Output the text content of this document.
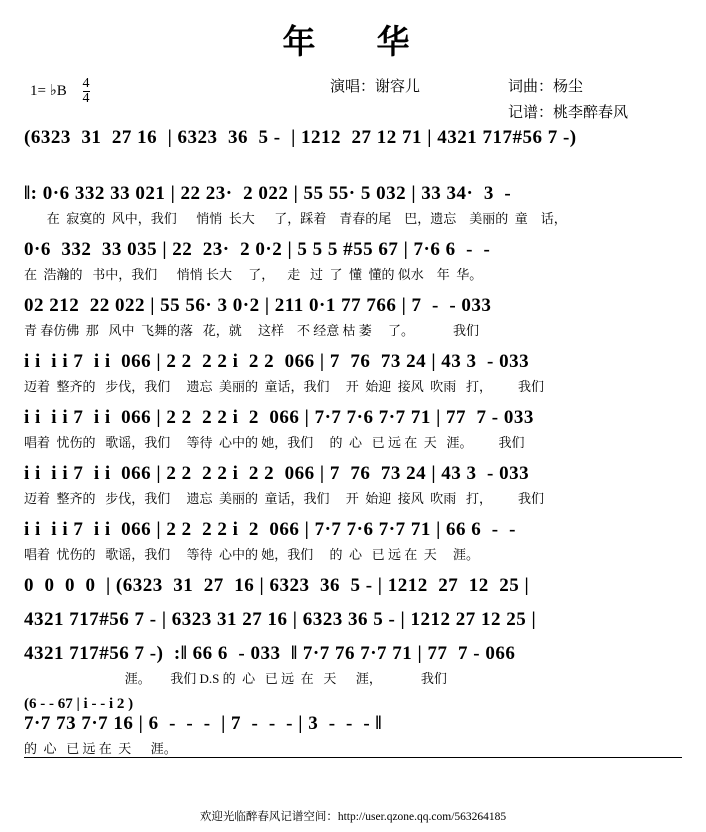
年　华
1= ♭B $\frac{4}{4}$	演唱：谢容儿	词曲：杨尘
记谱：桃李醉春风
(6323  31  27 16  | 6323  36  5 -  | 1212  27 12 71 | 4321 717#56 7 -)
‖: 0·6 332 33 021 | 22 23·  2 022 | 55 55· 5 032 | 33 34·  3  -
在  寂寞的  风中，我们      悄悄  长大      了，踩着    青春的尾    巴，遗忘    美丽的  童    话，
0·6  332  33 035 | 22  23·  2 0·2 | 5 5 5 #55 67 | 7·6 6  -  -
在  浩瀚的   书中，我们      悄悄 长大     了，    走   过  了  懂  懂的 似水    年  华。
02 212  22 022 | 55 56· 3 0·2 | 211 0·1 77 766 | 7  -  - 033
青 春仿佛  那   风中  飞舞的落   花，就     这样    不 经意 枯 萎     了。            我们
i i  i i 7  i i  066 | 2 2  2 2 i  2 2  066 | 7  76  73 24 | 43 3  - 033
迈着  整齐的   步伐，我们     遗忘  美丽的  童话，我们     开  始迎  接风  吹雨   打，        我们
i i  i i 7  i i  066 | 2 2  2 2 i  2  066 | 7·7 7·6 7·7 71 | 77  7 - 033
唱着  忧伤的   歌谣，我们     等待  心中的 她，我们     的  心   已 远 在  天   涯。        我们
i i  i i 7  i i  066 | 2 2  2 2 i  2 2  066 | 7  76  73 24 | 43 3  - 033
迈着  整齐的   步伐，我们     遗忘  美丽的  童话，我们     开  始迎  接风  吹雨   打，        我们
i i  i i 7  i i  066 | 2 2  2 2 i  2  066 | 7·7 7·6 7·7 71 | 66 6  -  -
唱着  忧伤的   歌谣，我们     等待  心中的 她，我们     的  心   已 远 在  天     涯。
0  0  0  0  | (6323  31  27  16 | 6323  36  5 - | 1212  27  12  25 |
4321 717#56 7 - | 6323 31 27 16 | 6323 36 5 - | 1212 27 12 25 |
4321 717#56 7 -)  :‖ 66 6  - 033  ‖ 7·7 76 7·7 71 | 77  7 - 066
涯。      我们 D.S 的  心   已 远  在   天      涯，            我们
(6 - - 67 | i - - i 2 )
7·7 73 7·7 16 | 6  -  -  -  | 7  -  -  - | 3  -  -  - ‖
的  心   已 远 在  天      涯。
欢迎光临醉春风记谱空间：http://user.qzone.qq.com/563264185
